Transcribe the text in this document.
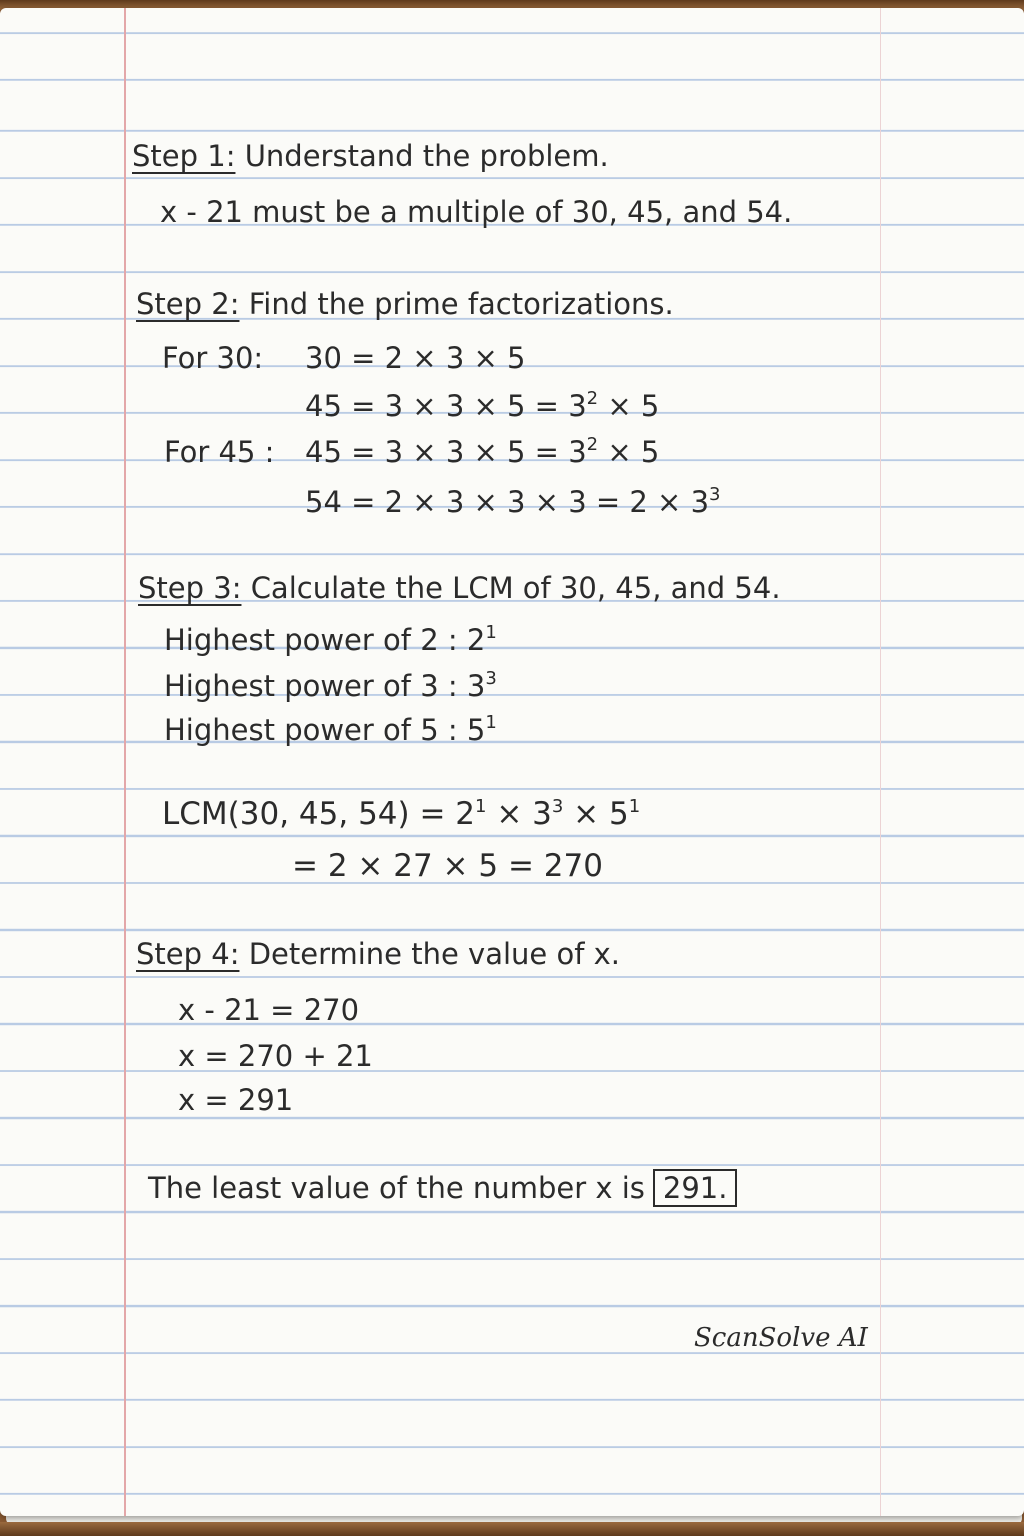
Step 1: Understand the problem.
x - 21 must be a multiple of 30, 45, and 54.
Step 2: Find the prime factorizations.
For 30: 30 = 2 × 3 × 5
$45 = 3 \times 3 \times 5 = 3^2 \times 5$
For 45 : $45 = 3 \times 3 \times 5 = 3^2 \times 5$
$54 = 2 \times 3 \times 3 \times 3 = 2 \times 3^3$
Step 3: Calculate the LCM of 30, 45, and 54.
Highest power of 2 : $2^1$
Highest power of 3 : $3^3$
Highest power of 5 : $5^1$
LCM(30, 45, $54) = 2^1 \times 3^3 \times 5^1$
= 2 × 27 × 5 = 270
Step 4: Determine the value of x.
x - 21 = 270
x = 270 + 21
x = 291
The least value of the number x is 291.
ScanSolve AI
